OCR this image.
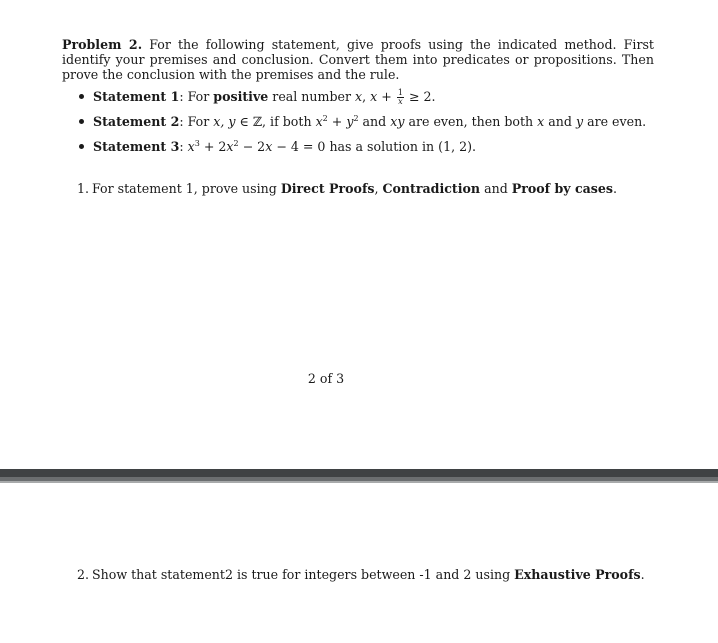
Problem 2. For the following statement, give proofs using the indicated method. First identify your premises and conclusion. Convert them into predicates or propositions. Then prove the conclusion with the premises and the rule.
Statement 1: For positive real number x, $x + \frac{1}{x} \ge 2$.
Statement 2: For x, y ∈ ℤ, if both $x^2 + y^2$ and xy are even, then both x and y are even.
Statement 3: $x^3 + 2x^2 - 2x - 4 = 0$ has a solution in (1, 2).
1. For statement 1, prove using Direct Proofs, Contradiction and Proof by cases.
2 of 3
2. Show that statement2 is true for integers between -1 and 2 using Exhaustive Proofs.
